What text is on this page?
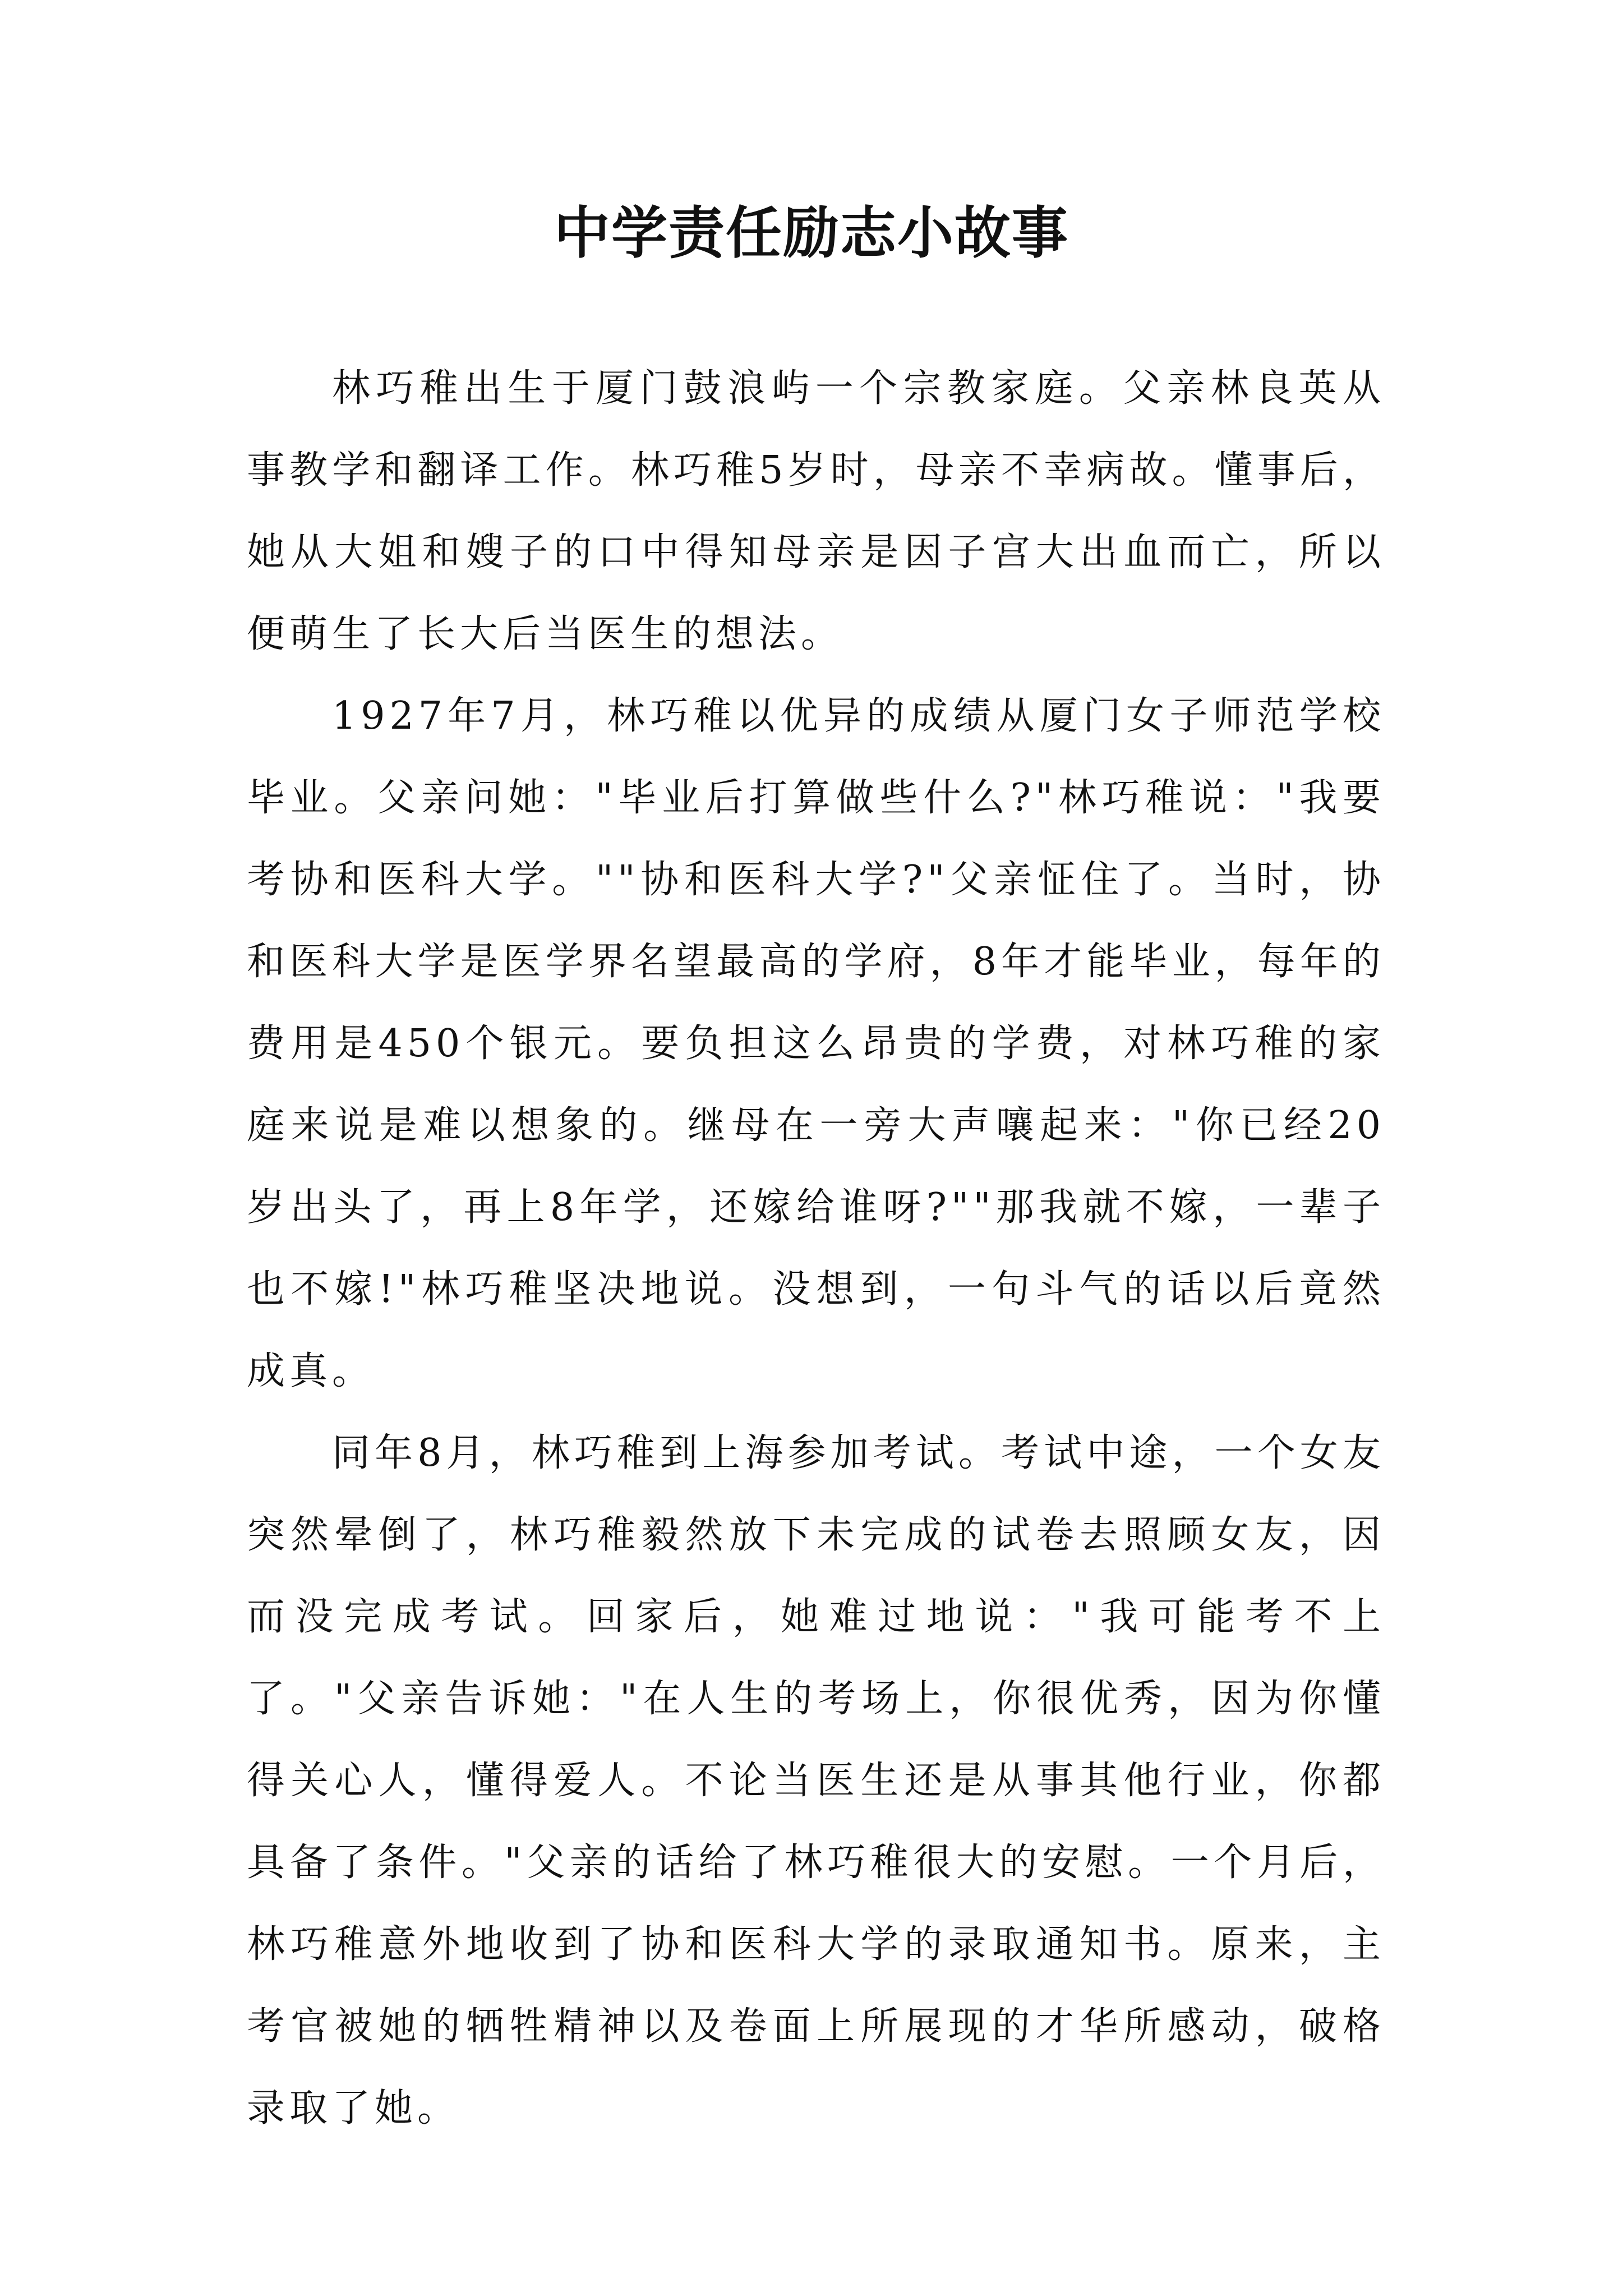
中学责任励志小故事

林巧稚出生于厦门鼓浪屿一个宗教家庭。父亲林良英从事教学和翻译工作。林巧稚5岁时，母亲不幸病故。懂事后，她从大姐和嫂子的口中得知母亲是因子宫大出血而亡，所以便萌生了长大后当医生的想法。

1927年7月，林巧稚以优异的成绩从厦门女子师范学校毕业。父亲问她："毕业后打算做些什么?"林巧稚说："我要考协和医科大学。""协和医科大学?"父亲怔住了。当时，协和医科大学是医学界名望最高的学府，8年才能毕业，每年的费用是450个银元。要负担这么昂贵的学费，对林巧稚的家庭来说是难以想象的。继母在一旁大声嚷起来："你已经20岁出头了，再上8年学，还嫁给谁呀?""那我就不嫁，一辈子也不嫁!"林巧稚坚决地说。没想到，一句斗气的话以后竟然成真。

同年8月，林巧稚到上海参加考试。考试中途，一个女友突然晕倒了，林巧稚毅然放下未完成的试卷去照顾女友，因而没完成考试。回家后，她难过地说："我可能考不上了。"父亲告诉她："在人生的考场上，你很优秀，因为你懂得关心人，懂得爱人。不论当医生还是从事其他行业，你都具备了条件。"父亲的话给了林巧稚很大的安慰。一个月后，林巧稚意外地收到了协和医科大学的录取通知书。原来，主考官被她的牺牲精神以及卷面上所展现的才华所感动，破格录取了她。
